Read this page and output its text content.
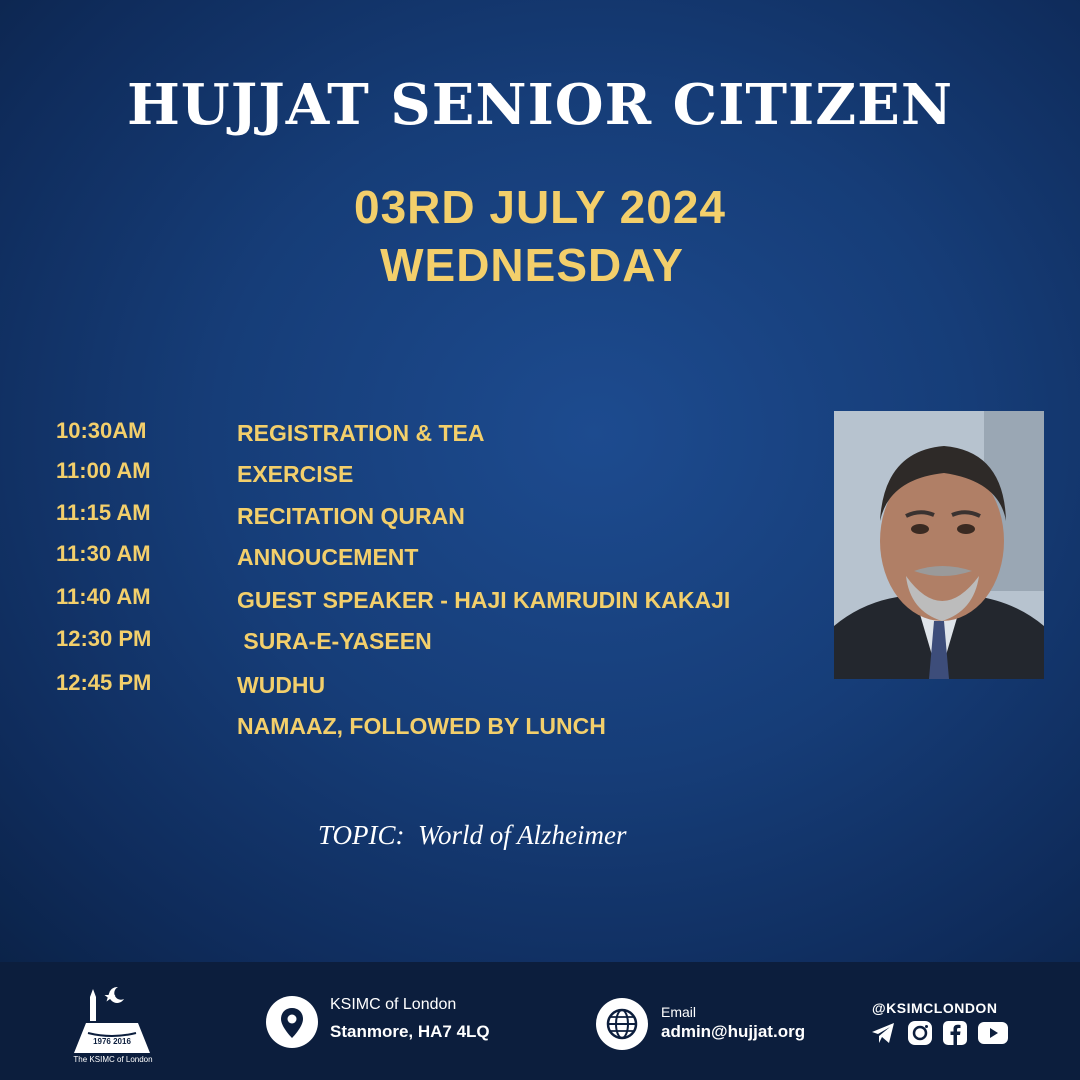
HUJJAT SENIOR CITIZEN
03RD JULY 2024
WEDNESDAY
10:30AM	REGISTRATION & TEA
11:00 AM	EXERCISE
11:15 AM	RECITATION QURAN
11:30 AM	ANNOUCEMENT
11:40 AM	GUEST SPEAKER - HAJI KAMRUDIN KAKAJI
12:30 PM	SURA-E-YASEEN
12:45 PM	WUDHU
NAMAAZ, FOLLOWED BY LUNCH
TOPIC:  World of Alzheimer
1976 2016
The KSIMC of London
KSIMC of London
Stanmore, HA7 4LQ
Email
admin@hujjat.org
@KSIMCLONDON
